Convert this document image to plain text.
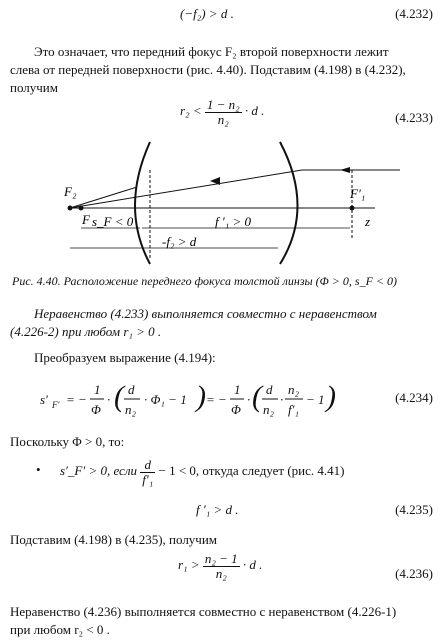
(−f₂) > d .	(4.232)
Это означает, что передний фокус F₂ второй поверхности лежит
слева от передней поверхности (рис. 4.40). Подставим (4.198) в (4.232),
получим
$r_2 < \frac{\text{1 − n₂}}{\text{n₂}} \cdot d$ .	(4.233)
F₂
F s_F < 0	f ′₁ > 0
-f₂ > d
F′₁
z
Рис. 4.40. Расположение переднего фокуса толстой линзы (Φ > 0, s_F < 0)
Неравенство (4.233) выполняется совместно с неравенством
(4.226-2) при любом r₁ > 0 .
Преобразуем выражение (4.194):
s′ F′ = −
1
Φ
· ( d
n₂
· Φ₁ − 1 ) = −
1
Φ
· ( d
n₂
·
n₂
f′₁
− 1 )	(4.234)
Поскольку Φ > 0, то:
• s′_F′ > 0, если $\frac{d}{\text{f′₁}} - 1 < 0$, откуда следует (рис. 4.41)
f ′₁ > d .	(4.235)
Подставим (4.198) в (4.235), получим
$r_1 > \frac{\text{n₂ − 1}}{\text{n₂}} \cdot d$ .
(4.236)
Неравенство (4.236) выполняется совместно с неравенством (4.226-1)
при любом r₂ < 0 .
